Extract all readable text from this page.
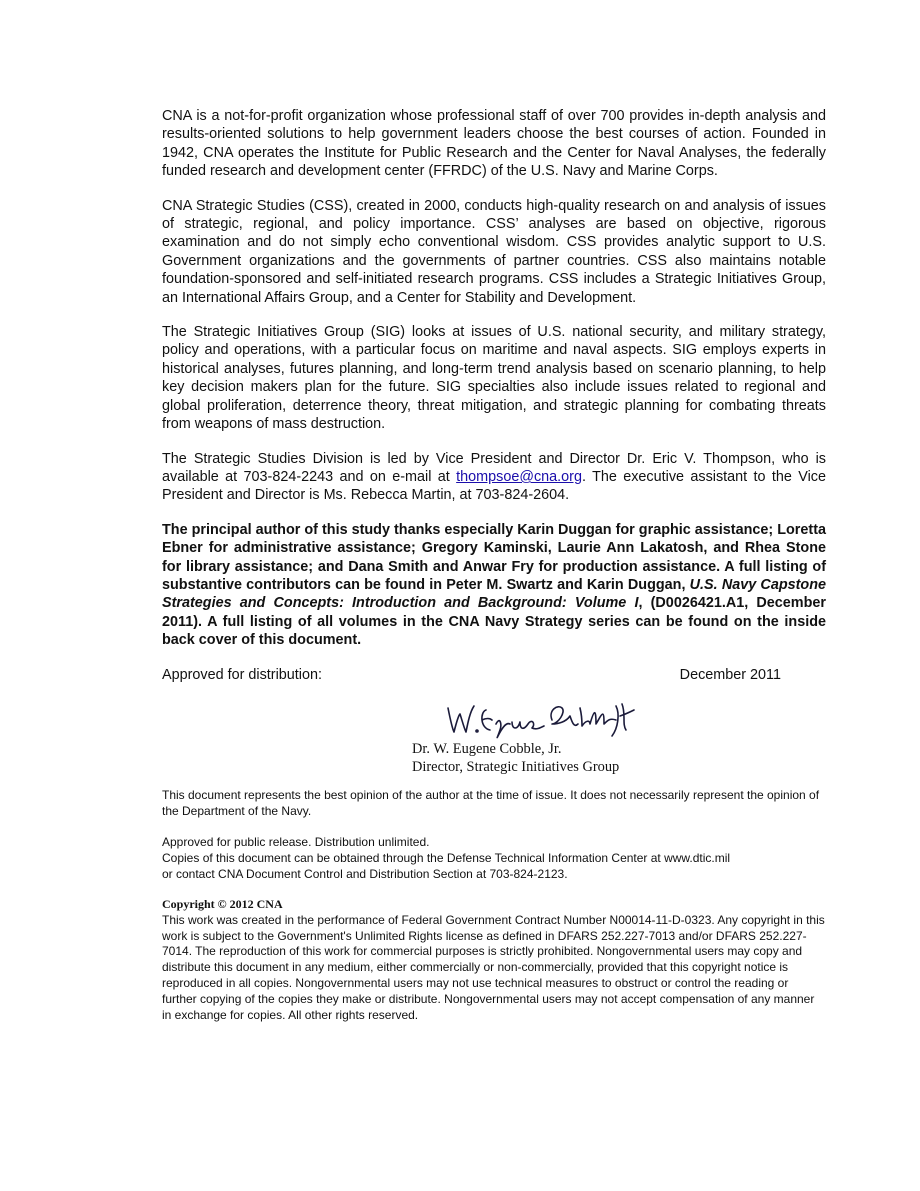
CNA is a not-for-profit organization whose professional staff of over 700 provides in-depth analysis and results-oriented solutions to help government leaders choose the best courses of action. Founded in 1942, CNA operates the Institute for Public Research and the Center for Naval Analyses, the federally funded research and development center (FFRDC) of the U.S. Navy and Marine Corps.

CNA Strategic Studies (CSS), created in 2000, conducts high-quality research on and analysis of issues of strategic, regional, and policy importance. CSS’ analyses are based on objective, rigorous examination and do not simply echo conventional wisdom. CSS provides analytic support to U.S. Government organizations and the governments of partner countries. CSS also maintains notable foundation-sponsored and self-initiated research programs. CSS includes a Strategic Initiatives Group, an International Affairs Group, and a Center for Stability and Development.

The Strategic Initiatives Group (SIG) looks at issues of U.S. national security, and military strategy, policy and operations, with a particular focus on maritime and naval aspects. SIG employs experts in historical analyses, futures planning, and long-term trend analysis based on scenario planning, to help key decision makers plan for the future. SIG specialties also include issues related to regional and global proliferation, deterrence theory, threat mitigation, and strategic planning for combating threats from weapons of mass destruction.

The Strategic Studies Division is led by Vice President and Director Dr. Eric V. Thompson, who is available at 703-824-2243 and on e-mail at thompsoe@cna.org. The executive assistant to the Vice President and Director is Ms. Rebecca Martin, at 703-824-2604.

The principal author of this study thanks especially Karin Duggan for graphic assistance; Loretta Ebner for administrative assistance; Gregory Kaminski, Laurie Ann Lakatosh, and Rhea Stone for library assistance; and Dana Smith and Anwar Fry for production assistance. A full listing of substantive contributors can be found in Peter M. Swartz and Karin Duggan, U.S. Navy Capstone Strategies and Concepts: Introduction and Background: Volume I, (D0026421.A1, December 2011). A full listing of all volumes in the CNA Navy Strategy series can be found on the inside back cover of this document.

Approved for distribution:	December 2011
Dr. W. Eugene Cobble, Jr.
Director, Strategic Initiatives Group

This document represents the best opinion of the author at the time of issue. It does not necessarily represent the opinion of the Department of the Navy.

Approved for public release. Distribution unlimited.
Copies of this document can be obtained through the Defense Technical Information Center at www.dtic.mil
or contact CNA Document Control and Distribution Section at 703-824-2123.
Copyright © 2012 CNA

This work was created in the performance of Federal Government Contract Number N00014-11-D-0323. Any copyright in this work is subject to the Government's Unlimited Rights license as defined in DFARS 252.227-7013 and/or DFARS 252.227-7014. The reproduction of this work for commercial purposes is strictly prohibited. Nongovernmental users may copy and distribute this document in any medium, either commercially or non-commercially, provided that this copyright notice is reproduced in all copies. Nongovernmental users may not use technical measures to obstruct or control the reading or further copying of the copies they make or distribute. Nongovernmental users may not accept compensation of any manner in exchange for copies. All other rights reserved.
